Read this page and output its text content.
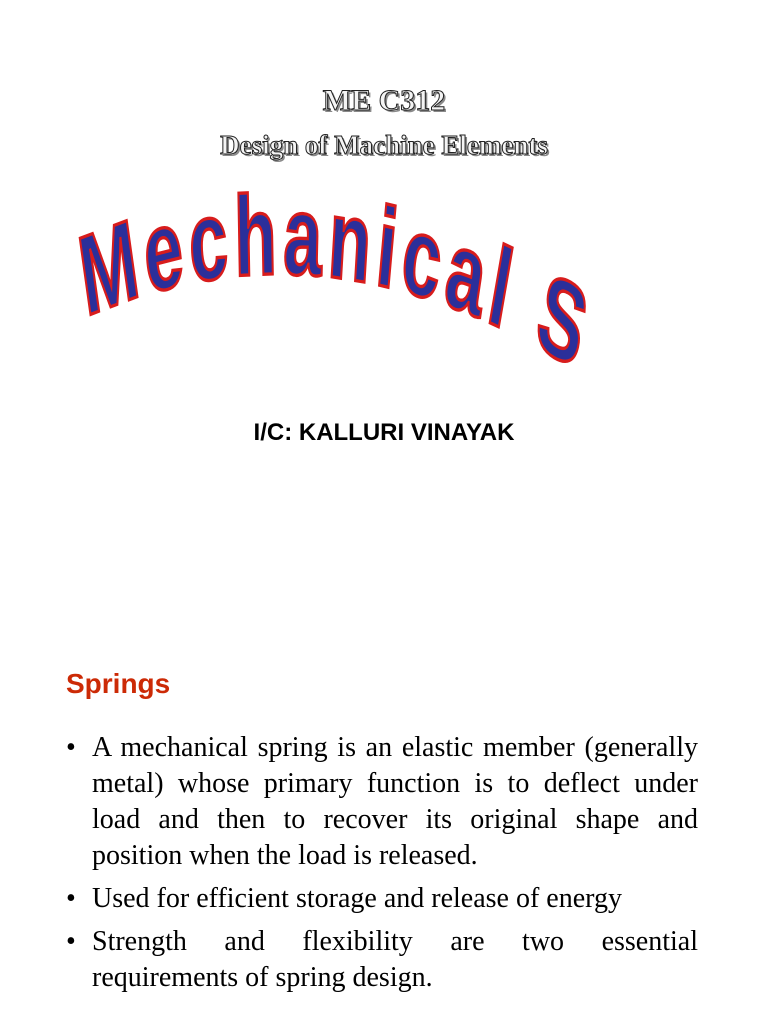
ME C312
Design of Machine Elements
Mechanical Springs

I/C: KALLURI VINAYAK

Springs
• A mechanical spring is an elastic member (generally metal) whose primary function is to deflect under load and then to recover its original shape and position when the load is released.
• Used for efficient storage and release of energy
• Strength and flexibility are two essential requirements of spring design.
